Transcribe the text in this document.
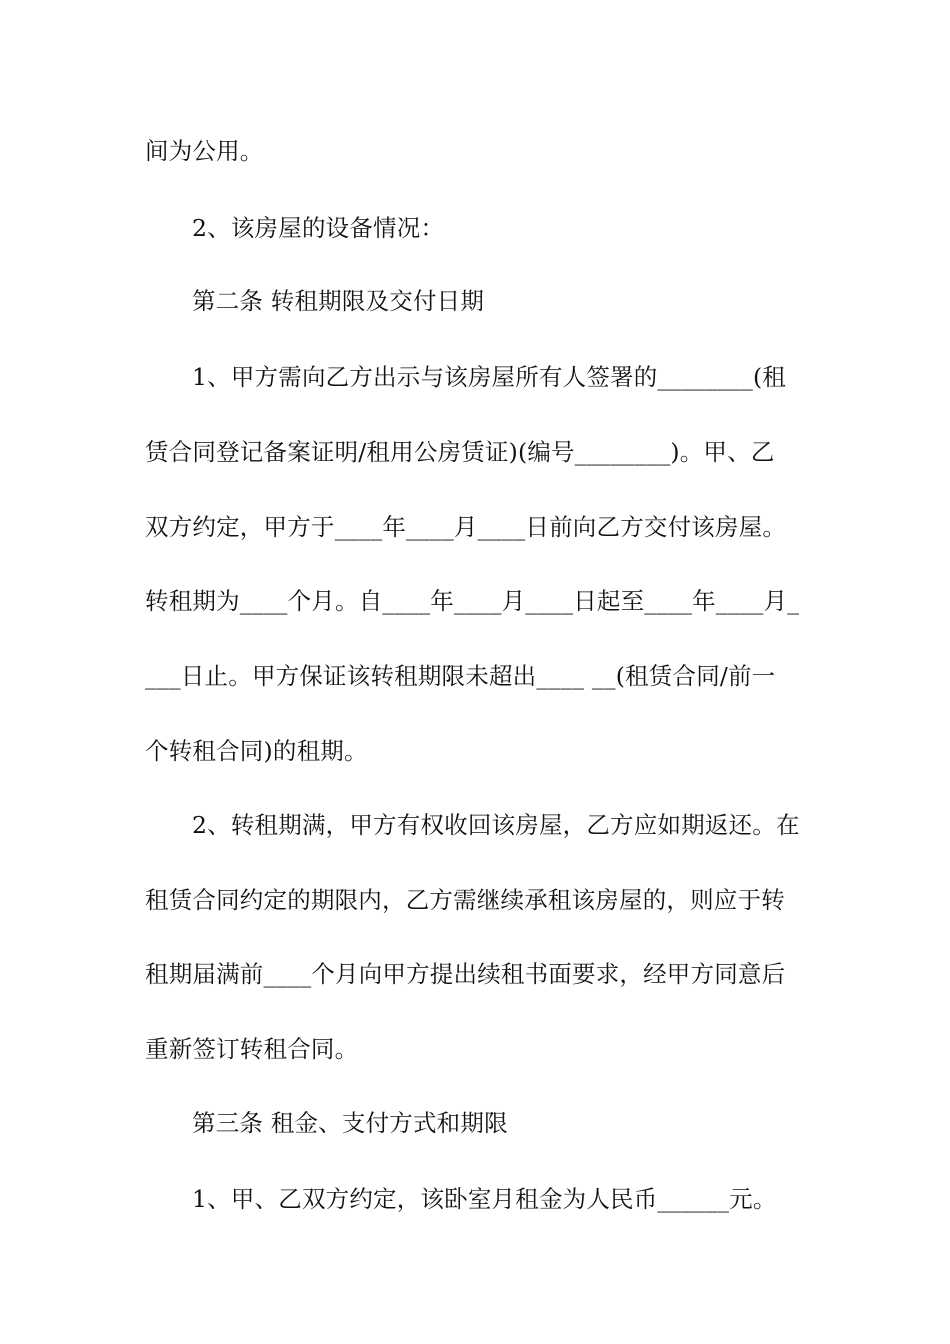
间为公用。
2、该房屋的设备情况：
第二条 转租期限及交付日期
1、甲方需向乙方出示与该房屋所有人签署的________(租
赁合同登记备案证明/租用公房赁证)(编号________)。甲、乙
双方约定，甲方于____年____月____日前向乙方交付该房屋。
转租期为____个月。自____年____月____日起至____年____月_
___日止。甲方保证该转租期限未超出____ __(租赁合同/前一
个转租合同)的租期。
2、转租期满，甲方有权收回该房屋，乙方应如期返还。在
租赁合同约定的期限内，乙方需继续承租该房屋的，则应于转
租期届满前____个月向甲方提出续租书面要求，经甲方同意后
重新签订转租合同。
第三条 租金、支付方式和期限
1、甲、乙双方约定，该卧室月租金为人民币______元。
